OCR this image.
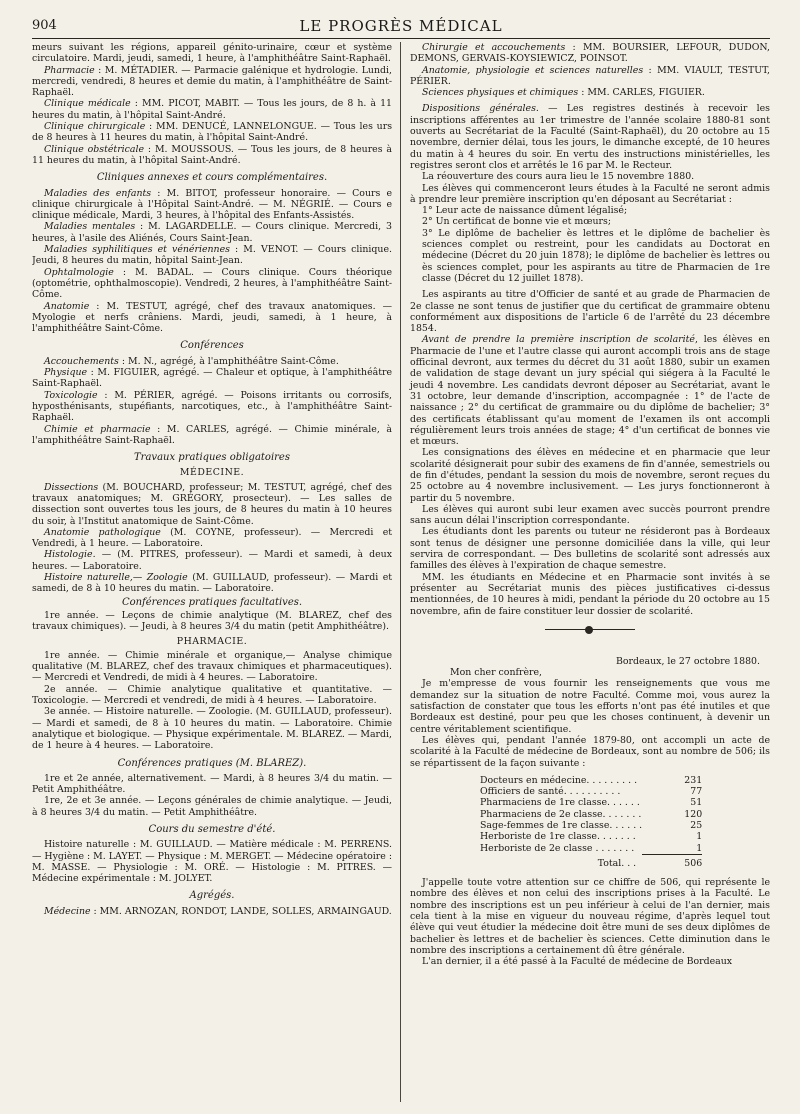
904	LE PROGRÈS MÉDICAL

meurs suivant les régions, appareil génito-urinaire, cœur et système circulatoire. Mardi, jeudi, samedi, 1 heure, à l'amphithéâtre Saint-Raphaël.

Pharmacie : M. MÉTADIER. — Parmacie galénique et hydrologie. Lundi, mercredi, vendredi, 8 heures et demie du matin, à l'amphithéâtre de Saint-Raphaël.

Clinique médicale : MM. PICOT, MABIT. — Tous les jours, de 8 h. à 11 heures du matin, à l'hôpital Saint-André.

Clinique chirurgicale : MM. DENUCÉ, LANNELONGUE. — Tous les urs de 8 heures à 11 heures du matin, à l'hôpital Saint-André.

Clinique obstétricale : M. MOUSSOUS. — Tous les jours, de 8 heures à 11 heures du matin, à l'hôpital Saint-André.

Cliniques annexes et cours complémentaires.

Maladies des enfants : M. BITOT, professeur honoraire. — Cours e clinique chirurgicale à l'Hôpital Saint-André. — M. NÉGRIÉ. — Cours e clinique médicale, Mardi, 3 heures, à l'hôpital des Enfants-Assistés.

Maladies mentales : M. LAGARDELLE. — Cours clinique. Mercredi, 3 heures, à l'asile des Aliénés, Cours Saint-Jean.

Maladies syphilitiques et vénériennes : M. VENOT. — Cours clinique. Jeudi, 8 heures du matin, hôpital Saint-Jean.

Ophtalmologie : M. BADAL. — Cours clinique. Cours théorique (optométrie, ophthalmoscopie). Vendredi, 2 heures, à l'amphithéâtre Saint-Côme.

Anatomie : M. TESTUT, agrégé, chef des travaux anatomiques. — Myologie et nerfs crâniens. Mardi, jeudi, samedi, à 1 heure, à l'amphithéâtre Saint-Côme.

Conférences

Accouchements : M. N., agrégé, à l'amphithéâtre Saint-Côme.

Physique : M. FIGUIER, agrégé. — Chaleur et optique, à l'amphithéâtre Saint-Raphaël.

Toxicologie : M. PÉRIER, agrégé. — Poisons irritants ou corrosifs, hyposthénisants, stupéfiants, narcotiques, etc., à l'amphithéâtre Saint-Raphaël.

Chimie et pharmacie : M. CARLES, agrégé. — Chimie minérale, à l'amphithéâtre Saint-Raphaël.

Travaux pratiques obligatoires
MÉDECINE.

Dissections (M. BOUCHARD, professeur; M. TESTUT, agrégé, chef des travaux anatomiques; M. GRÉGORY, prosecteur). — Les salles de dissection sont ouvertes tous les jours, de 8 heures du matin à 10 heures du soir, à l'Institut anatomique de Saint-Côme.

Anatomie pathologique (M. COYNE, professeur). — Mercredi et Vendredi, à 1 heure. — Laboratoire.

Histologie. — (M. PITRES, professeur). — Mardi et samedi, à deux heures. — Laboratoire.

Histoire naturelle,— Zoologie (M. GUILLAUD, professeur). — Mardi et samedi, de 8 à 10 heures du matin. — Laboratoire.

Conférences pratiques facultatives.

1re année. — Leçons de chimie analytique (M. BLAREZ, chef des travaux chimiques). — Jeudi, à 8 heures 3/4 du matin (petit Amphithéâtre).

PHARMACIE.

1re année. — Chimie minérale et organique,— Analyse chimique qualitative (M. BLAREZ, chef des travaux chimiques et pharmaceutiques). — Mercredi et Vendredi, de midi à 4 heures. — Laboratoire.

2e année. — Chimie analytique qualitative et quantitative. — Toxicologie. — Mercredi et vendredi, de midi à 4 heures. — Laboratoire.

3e année. — Histoire naturelle. — Zoologie. (M. GUILLAUD, professeur). — Mardi et samedi, de 8 à 10 heures du matin. — Laboratoire. Chimie analytique et biologique. — Physique expérimentale. M. BLAREZ. — Mardi, de 1 heure à 4 heures. — Laboratoire.

Conférences pratiques (M. BLAREZ).

1re et 2e année, alternativement. — Mardi, à 8 heures 3/4 du matin. — Petit Amphithéâtre.

1re, 2e et 3e année. — Leçons générales de chimie analytique. — Jeudi, à 8 heures 3/4 du matin. — Petit Amphithéâtre.

Cours du semestre d'été.

Histoire naturelle : M. GUILLAUD. — Matière médicale : M. PERRENS. — Hygiène : M. LAYET. — Physique : M. MERGET. — Médecine opératoire : M. MASSE. — Physiologie : M. ORÉ. — Histologie : M. PITRES. — Médecine expérimentale : M. JOLYET.

Agrégés.

Médecine : MM. ARNOZAN, RONDOT, LANDE, SOLLES, ARMAINGAUD.

Chirurgie et accouchements : MM. BOURSIER, LEFOUR, DUDON, DEMONS, GERVAIS-KOYSIEWICZ, POINSOT.

Anatomie, physiologie et sciences naturelles : MM. VIAULT, TESTUT, PÉRIER.

Sciences physiques et chimiques : MM. CARLES, FIGUIER.

Dispositions générales. — Les registres destinés à recevoir les inscriptions afférentes au 1er trimestre de l'année scolaire 1880-81 sont ouverts au Secrétariat de la Faculté (Saint-Raphaël), du 20 octobre au 15 novembre, dernier délai, tous les jours, le dimanche excepté, de 10 heures du matin à 4 heures du soir. En vertu des instructions ministérielles, les registres seront clos et arrêtés le 16 par M. le Recteur.

La réouverture des cours aura lieu le 15 novembre 1880.

Les élèves qui commenceront leurs études à la Faculté ne seront admis à prendre leur première inscription qu'en déposant au Secrétariat :

1° Leur acte de naissance dûment légalisé;

2° Un certificat de bonne vie et mœurs;

3° Le diplôme de bachelier ès lettres et le diplôme de bachelier ès sciences complet ou restreint, pour les candidats au Doctorat en médecine (Décret du 20 juin 1878); le diplôme de bachelier ès lettres ou ès sciences complet, pour les aspirants au titre de Pharmacien de 1re classe (Décret du 12 juillet 1878).

Les aspirants au titre d'Officier de santé et au grade de Pharmacien de 2e classe ne sont tenus de justifier que du certificat de grammaire obtenu conformément aux dispositions de l'article 6 de l'arrêté du 23 décembre 1854.

Avant de prendre la première inscription de scolarité, les élèves en Pharmacie de l'une et l'autre classe qui auront accompli trois ans de stage officinal devront, aux termes du décret du 31 août 1880, subir un examen de validation de stage devant un jury spécial qui siégera à la Faculté le jeudi 4 novembre. Les candidats devront déposer au Secrétariat, avant le 31 octobre, leur demande d'inscription, accompagnée : 1° de l'acte de naissance ; 2° du certificat de grammaire ou du diplôme de bachelier; 3° des certificats établissant qu'au moment de l'examen ils ont accompli régulièrement leurs trois années de stage; 4° d'un certificat de bonnes vie et mœurs.

Les consignations des élèves en médecine et en pharmacie que leur scolarité désignerait pour subir des examens de fin d'année, semestriels ou de fin d'études, pendant la session du mois de novembre, seront reçues du 25 octobre au 4 novembre inclusivement. — Les jurys fonctionneront à partir du 5 novembre.

Les élèves qui auront subi leur examen avec succès pourront prendre sans aucun délai l'inscription correspondante.

Les étudiants dont les parents ou tuteur ne résideront pas à Bordeaux sont tenus de désigner une personne domiciliée dans la ville, qui leur servira de correspondant. — Des bulletins de scolarité sont adressés aux familles des élèves à l'expiration de chaque semestre.

MM. les étudiants en Médecine et en Pharmacie sont invités à se présenter au Secrétariat munis des pièces justificatives ci-dessus mentionnées, de 10 heures à midi, pendant la période du 20 octobre au 15 novembre, afin de faire constituer leur dossier de scolarité.

Bordeaux, le 27 octobre 1880.

Mon cher confrère,

Je m'empresse de vous fournir les renseignements que vous me demandez sur la situation de notre Faculté. Comme moi, vous aurez la satisfaction de constater que tous les efforts n'ont pas été inutiles et que Bordeaux est destiné, pour peu que les choses continuent, à devenir un centre véritablement scientifique.

Les élèves qui, pendant l'année 1879-80, ont accompli un acte de scolarité à la Faculté de médecine de Bordeaux, sont au nombre de 506; ils se répartissent de la façon suivante :

Docteurs en médecine. . . . . . . . .	231
Officiers de santé. . . . . . . . . .	77
Pharmaciens de 1re classe. . . . . .	51
Pharmaciens de 2e classe. . . . . . .	120
Sage-femmes de 1re classe. . . . . .	25
Herboriste de 1re classe. . . . . . .	1
Herboriste de 2e classe . . . . . . .	1
Total. . .	506

J'appelle toute votre attention sur ce chiffre de 506, qui représente le nombre des élèves et non celui des inscriptions prises à la Faculté. Le nombre des inscriptions est un peu inférieur à celui de l'an dernier, mais cela tient à la mise en vigueur du nouveau régime, d'après lequel tout élève qui veut étudier la médecine doit être muni de ses deux diplômes de bachelier ès lettres et de bachelier ès sciences. Cette diminution dans le nombre des inscriptions a certainement dû être générale.

L'an dernier, il a été passé à la Faculté de médecine de Bordeaux
